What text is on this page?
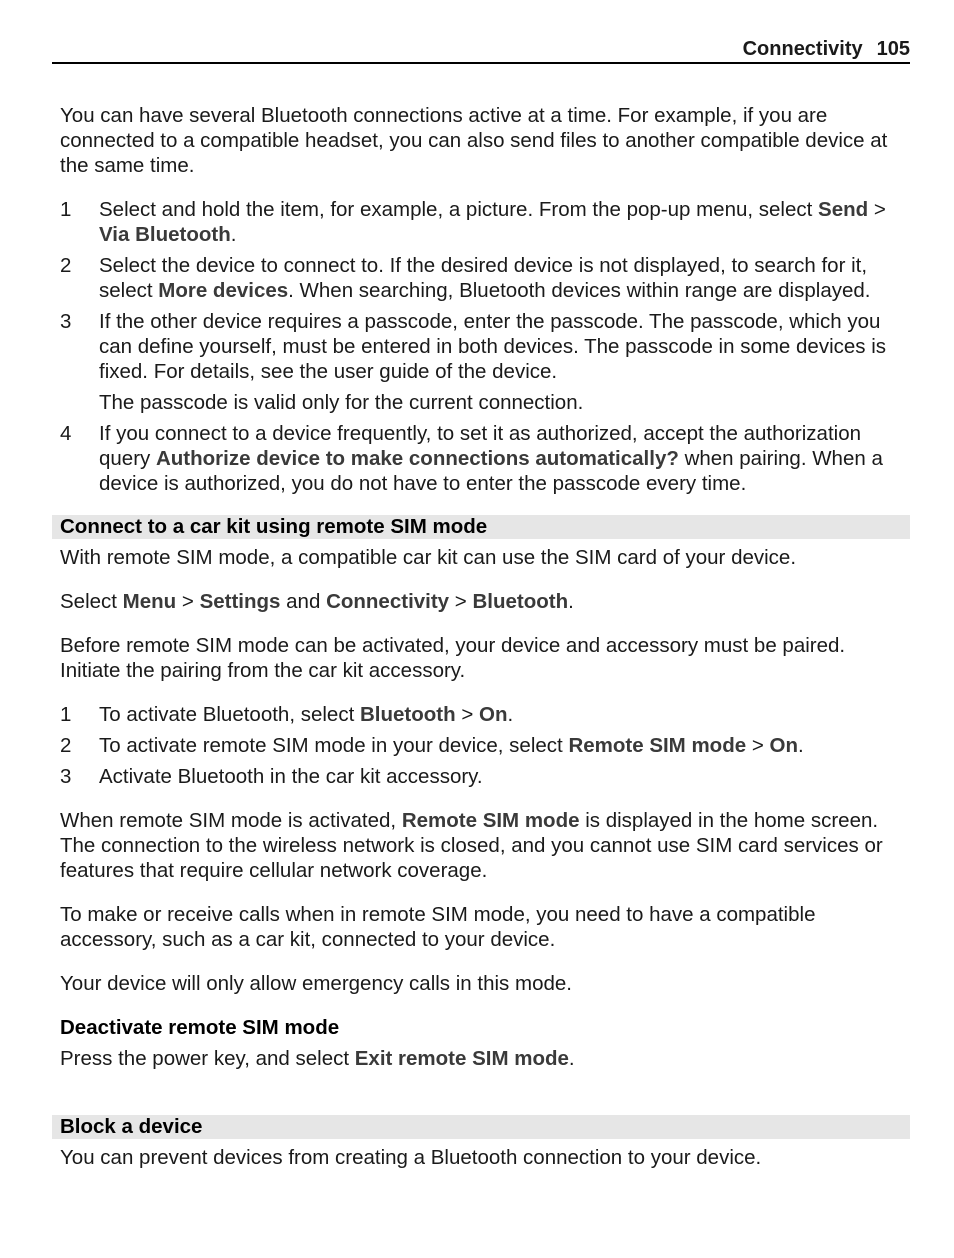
Connectivity 105

You can have several Bluetooth connections active at a time. For example, if you are connected to a compatible headset, you can also send files to another compatible device at the same time.

1 Select and hold the item, for example, a picture. From the pop-up menu, select Send > Via Bluetooth.
2 Select the device to connect to. If the desired device is not displayed, to search for it, select More devices. When searching, Bluetooth devices within range are displayed.
3 If the other device requires a passcode, enter the passcode. The passcode, which you can define yourself, must be entered in both devices. The passcode in some devices is fixed. For details, see the user guide of the device.
The passcode is valid only for the current connection.
4 If you connect to a device frequently, to set it as authorized, accept the authorization query Authorize device to make connections automatically? when pairing. When a device is authorized, you do not have to enter the passcode every time.
Connect to a car kit using remote SIM mode

With remote SIM mode, a compatible car kit can use the SIM card of your device.

Select Menu > Settings and Connectivity > Bluetooth.

Before remote SIM mode can be activated, your device and accessory must be paired. Initiate the pairing from the car kit accessory.

1 To activate Bluetooth, select Bluetooth > On.
2 To activate remote SIM mode in your device, select Remote SIM mode > On.
3 Activate Bluetooth in the car kit accessory.

When remote SIM mode is activated, Remote SIM mode is displayed in the home screen. The connection to the wireless network is closed, and you cannot use SIM card services or features that require cellular network coverage.

To make or receive calls when in remote SIM mode, you need to have a compatible accessory, such as a car kit, connected to your device.

Your device will only allow emergency calls in this mode.

Deactivate remote SIM mode

Press the power key, and select Exit remote SIM mode.

Block a device

You can prevent devices from creating a Bluetooth connection to your device.
